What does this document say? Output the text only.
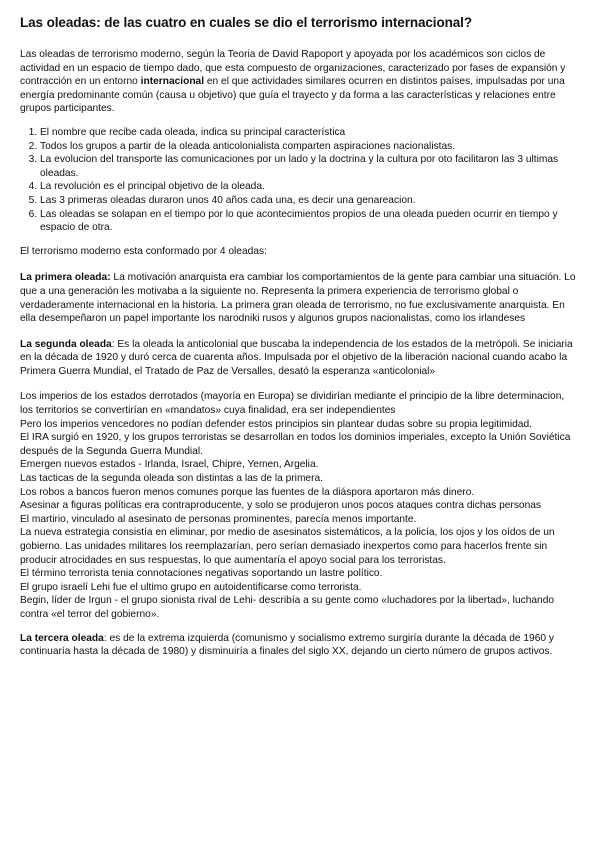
Las oleadas: de las cuatro en cuales se dio el terrorismo internacional?

Las oleadas de terrorismo moderno, según la Teoria de David Rapoport y apoyada por los académicos son ciclos de actividad en un espacio de tiempo dado, que esta compuesto de organizaciones, caracterizado por fases de expansión y contracción en un entorno internacional en el que actividades similares ocurren en distintos países, impulsadas por una energía predominante común (causa u objetivo) que guía el trayecto y da forma a las características y relaciones entre grupos participantes.

1. El nombre que recibe cada oleada, indica su principal característica
2. Todos los grupos a partir de la oleada anticolonialista comparten aspiraciones nacionalistas.
3. La evolucion del transporte las comunicaciones por un lado y la doctrina y la cultura por oto facilitaron las 3 ultimas oleadas.
4. La revolución es el principal objetivo de la oleada.
5. Las 3 primeras oleadas duraron unos 40 años cada una, es decir una genareacion.
6. Las oleadas se solapan en el tiempo por lo que acontecimientos propios de una oleada pueden ocurrir en tiempo y espacio de otra.

El terrorismo moderno esta conformado por 4 oleadas:

La primera oleada: La motivación anarquista era cambiar los comportamientos de la gente para cambiar una situación. Lo que a una generación les motivaba a la siguiente no. Representa la primera experiencia de terrorismo global o verdaderamente internacional en la historia. La primera gran oleada de terrorismo, no fue exclusivamente anarquista. En ella desempeñaron un papel importante los narodniki rusos y algunos grupos nacionalistas, como los irlandeses

La segunda oleada: Es la oleada la anticolonial que buscaba la independencia de los estados de la metrópoli. Se iniciaria en la década de 1920 y duró cerca de cuarenta años. Impulsada por el objetivo de la liberación nacional cuando acabo la Primera Guerra Mundial, el Tratado de Paz de Versalles, desató la esperanza «anticolonial»

Los imperios de los estados derrotados (mayoría en Europa) se dividirían mediante el principio de la libre determinacion, los territorios se convertirían en «mandatos» cuya finalidad, era ser independientes

Pero los imperios vencedores no podían defender estos principios sin plantear dudas sobre su propia legitimidad.

El IRA surgió en 1920, y los grupos terroristas se desarrollan en todos los dominios imperiales, excepto la Unión Soviética después de la Segunda Guerra Mundial.

Emergen nuevos estados - Irlanda, Israel, Chipre, Yemen, Argelia.

Las tacticas de la segunda oleada son distintas a las de la primera.

Los robos a bancos fueron menos comunes porque las fuentes de la diáspora aportaron más dinero.

Asesinar a figuras políticas era contraproducente, y solo se produjeron unos pocos ataques contra dichas personas

El martirio, vinculado al asesinato de personas prominentes, parecía menos importante.

La nueva estrategia consistía en eliminar, por medio de asesinatos sistemáticos, a la policía, los ojos y los oídos de un gobierno. Las unidades militares los reemplazarían, pero serían demasiado inexpertos como para hacerlos frente sin producir atrocidades en sus respuestas, lo que aumentaría el apoyo social para los terroristas.

El término terrorista tenia connotaciones negativas soportando un lastre político.

El grupo israelí Lehi fue el ultimo grupo en autoidentificarse como terrorista.

Begin, líder de Irgun - el grupo sionista rival de Lehi- describía a su gente como «luchadores por la libertad», luchando contra «el terror del gobierno».

La tercera oleada: es de la extrema izquierda (comunismo y socialismo extremo surgiría durante la década de 1960 y continuaría hasta la década de 1980) y disminuiría a finales del siglo XX, dejando un cierto número de grupos activos.
